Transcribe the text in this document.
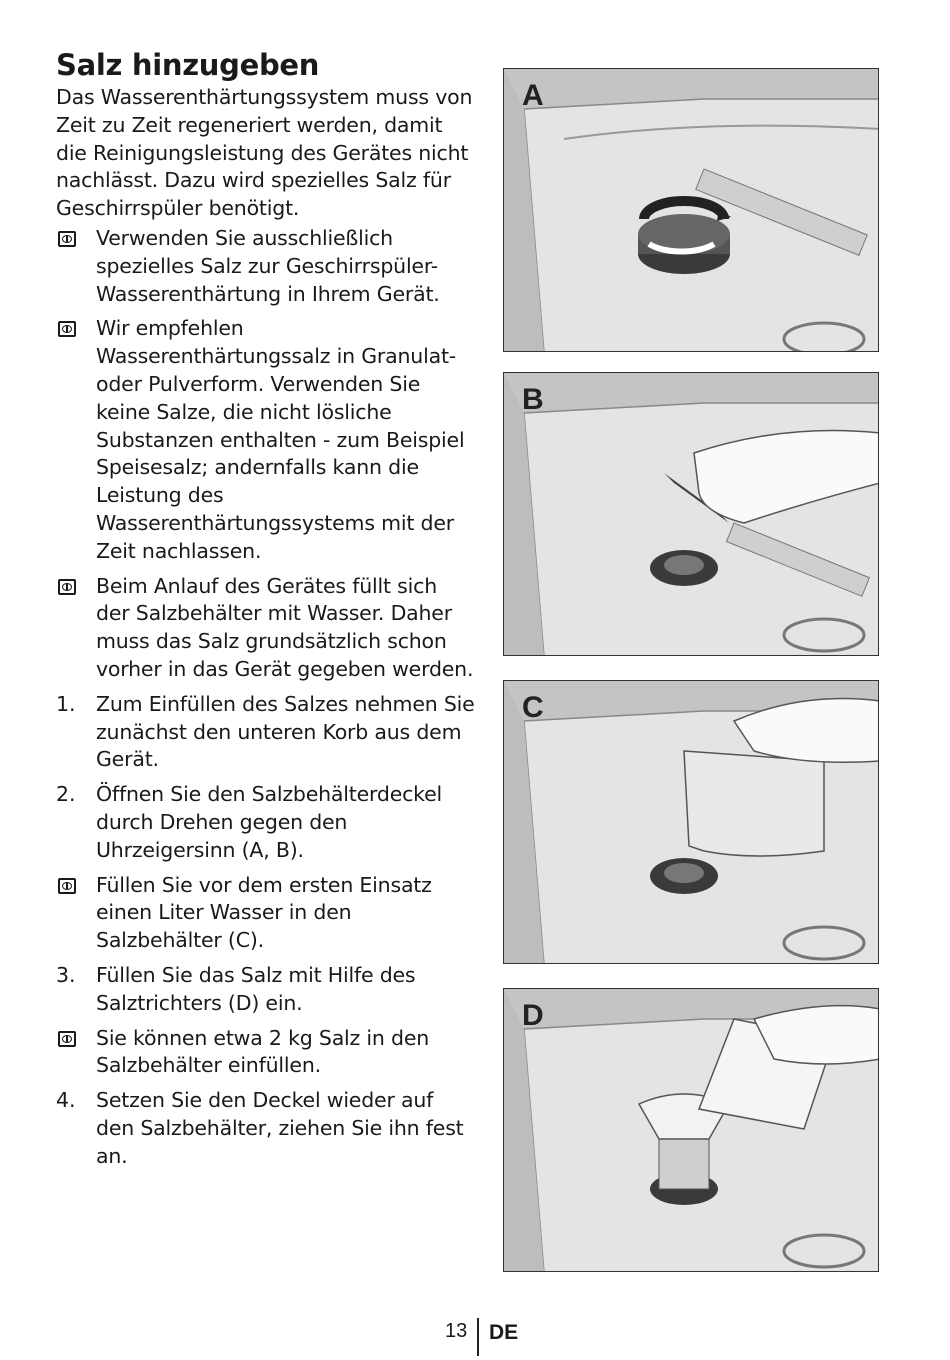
Salz hinzugeben

Das Wasserenthärtungssystem muss von Zeit zu Zeit regeneriert werden, damit die Reinigungsleistung des Gerätes nicht nachlässt. Dazu wird spezielles Salz für Geschirrspüler benötigt.

Verwenden Sie ausschließlich spezielles Salz zur Geschirrspüler-Wasserenthärtung in Ihrem Gerät.

Wir empfehlen Wasserenthärtungssalz in Granulat- oder Pulverform. Verwenden Sie keine Salze, die nicht lösliche Substanzen enthalten - zum Beispiel Speisesalz; andernfalls kann die Leistung des Wasserenthärtungssystems mit der Zeit nachlassen.

Beim Anlauf des Gerätes füllt sich der Salzbehälter mit Wasser. Daher muss das Salz grundsätzlich schon vorher in das Gerät gegeben werden.

1. Zum Einfüllen des Salzes nehmen Sie zunächst den unteren Korb aus dem Gerät.

2. Öffnen Sie den Salzbehälterdeckel durch Drehen gegen den Uhrzeigersinn (A, B).

Füllen Sie vor dem ersten Einsatz einen Liter Wasser in den Salzbehälter (C).

3. Füllen Sie das Salz mit Hilfe des Salztrichters (D) ein.

Sie können etwa 2 kg Salz in den Salzbehälter einfüllen.

4. Setzen Sie den Deckel wieder auf den Salzbehälter, ziehen Sie ihn fest an.

A
B
C
D
13 DE
